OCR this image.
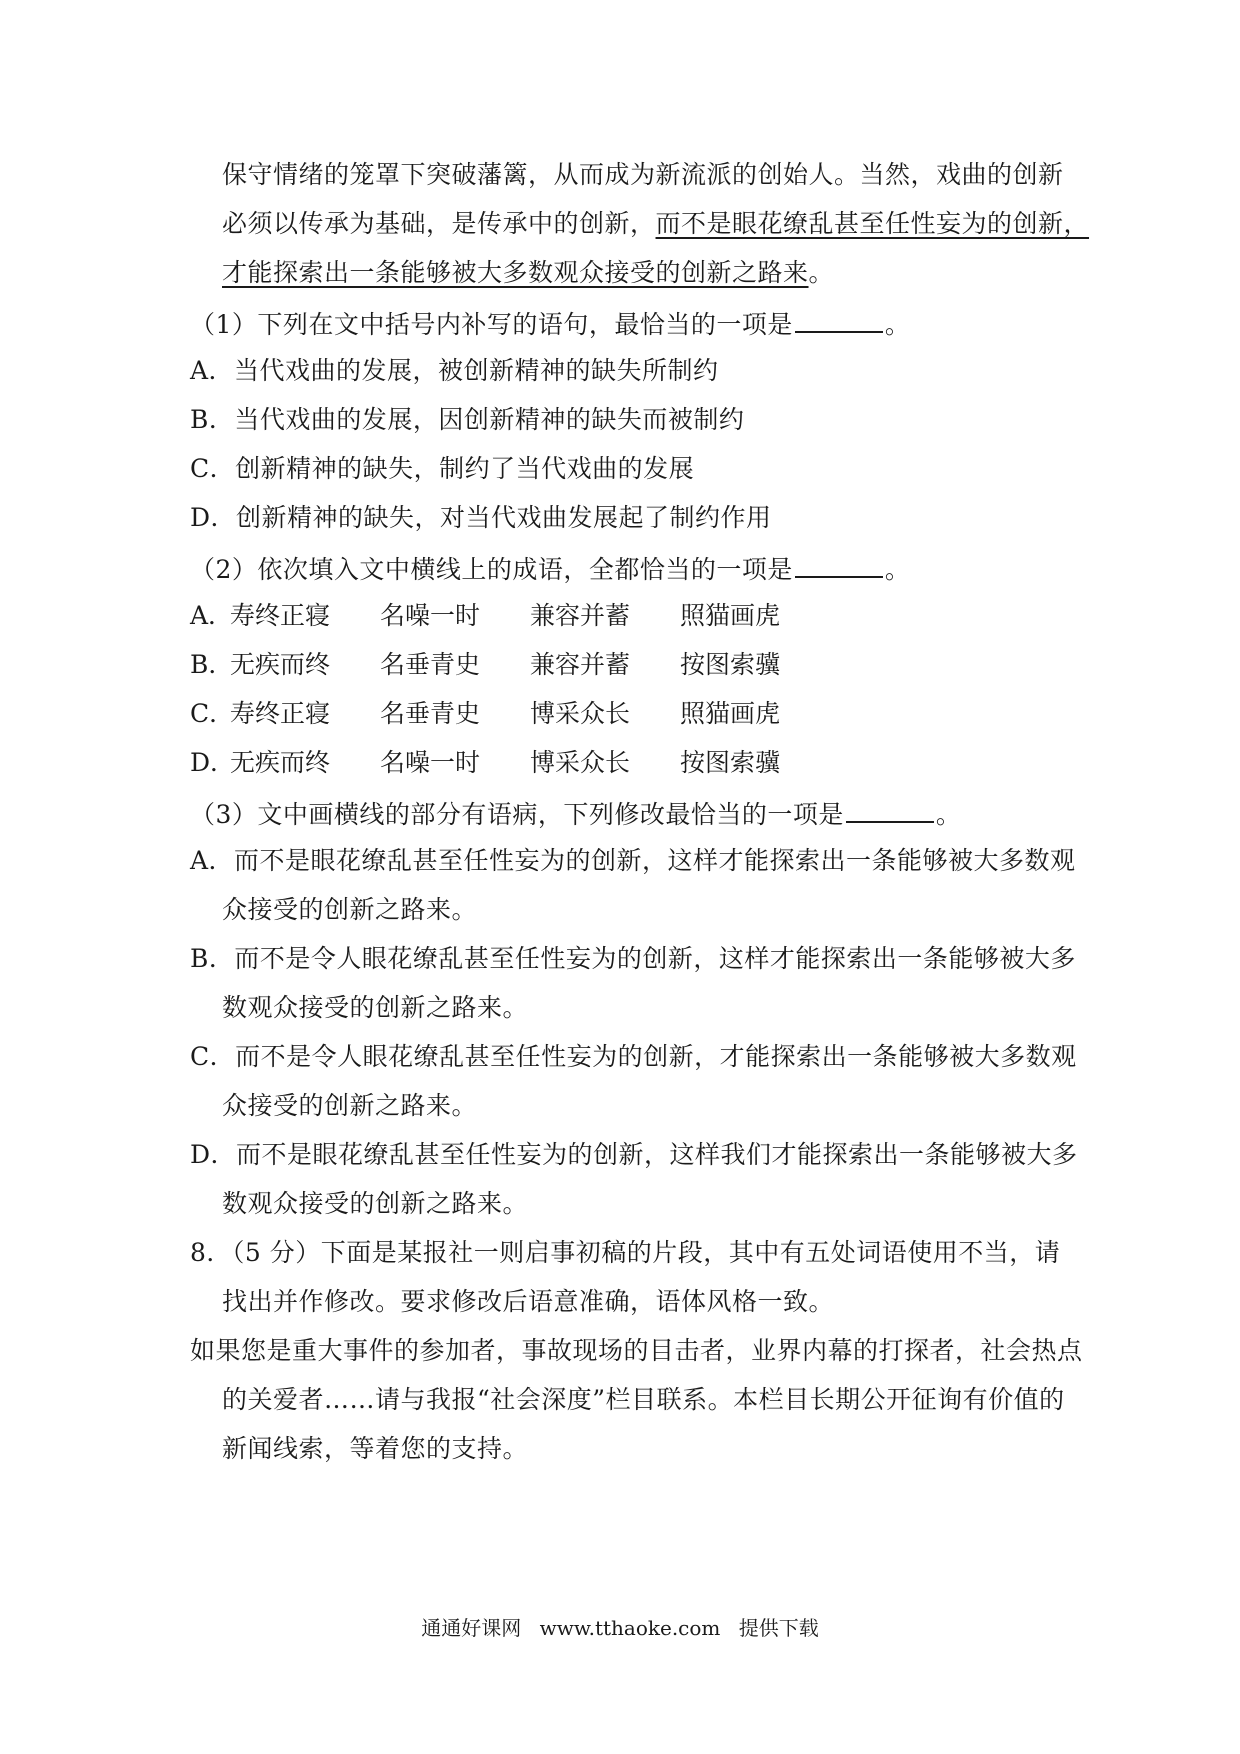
保守情绪的笼罩下突破藩篱，从而成为新流派的创始人。当然，戏曲的创新
必须以传承为基础，是传承中的创新，而不是眼花缭乱甚至任性妄为的创新，
才能探索出一条能够被大多数观众接受的创新之路来。
（1）下列在文中括号内补写的语句，最恰当的一项是	。
A．当代戏曲的发展，被创新精神的缺失所制约
B．当代戏曲的发展，因创新精神的缺失而被制约
C．创新精神的缺失，制约了当代戏曲的发展
D．创新精神的缺失，对当代戏曲发展起了制约作用
（2）依次填入文中横线上的成语，全都恰当的一项是	。
A．
寿终正寝 名噪一时 兼容并蓄 照猫画虎
B．
无疾而终 名垂青史 兼容并蓄 按图索骥
C．
寿终正寝 名垂青史 博采众长 照猫画虎
D．
无疾而终 名噪一时 博采众长 按图索骥
（3）文中画横线的部分有语病，下列修改最恰当的一项是	。
A．而不是眼花缭乱甚至任性妄为的创新，这样才能探索出一条能够被大多数观
众接受的创新之路来。
B．而不是令人眼花缭乱甚至任性妄为的创新，这样才能探索出一条能够被大多
数观众接受的创新之路来。
C．而不是令人眼花缭乱甚至任性妄为的创新，才能探索出一条能够被大多数观
众接受的创新之路来。
D．而不是眼花缭乱甚至任性妄为的创新，这样我们才能探索出一条能够被大多
数观众接受的创新之路来。
8．（5 分）下面是某报社一则启事初稿的片段，其中有五处词语使用不当，请
找出并作修改。要求修改后语意准确，语体风格一致。
如果您是重大事件的参加者，事故现场的目击者，业界内幕的打探者，社会热点
的关爱者……请与我报“社会深度”栏目联系。本栏目长期公开征询有价值的
新闻线索，等着您的支持。
通通好课网 www.tthaoke.com 提供下载
